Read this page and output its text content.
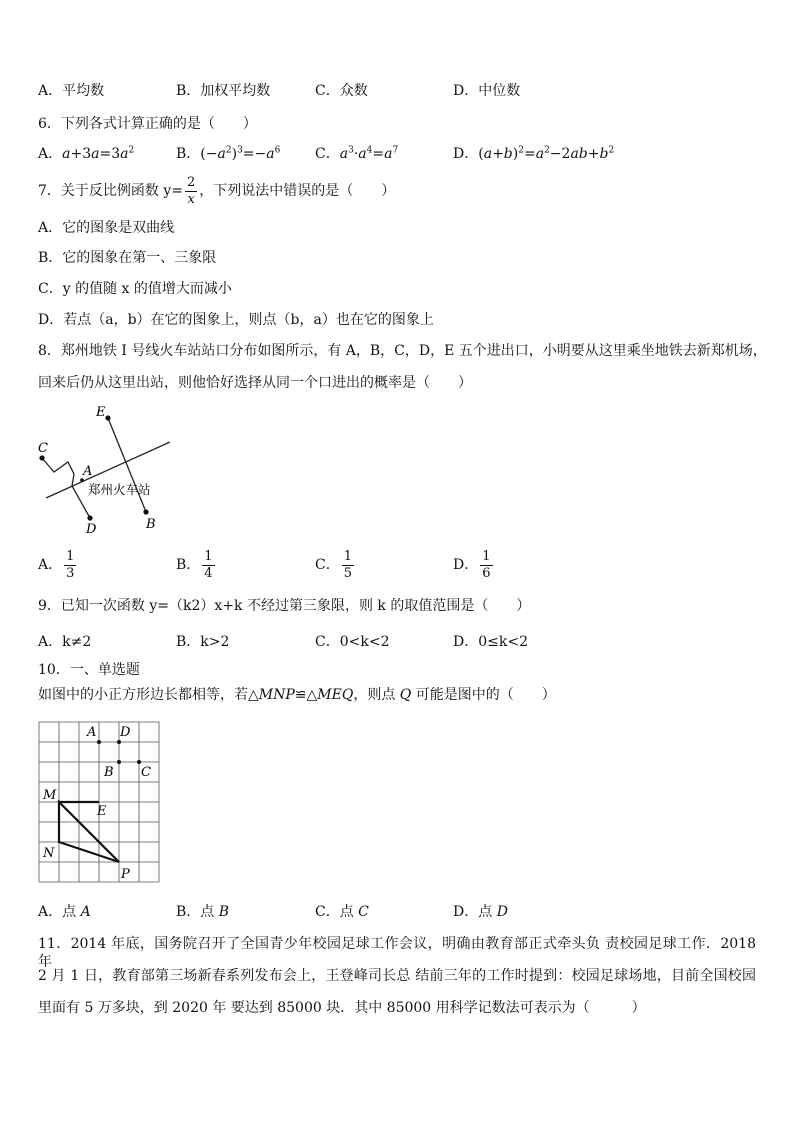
A．平均数	B．加权平均数	C．众数	D．中位数
6．下列各式计算正确的是（　　）
A．$a+3a=3a^2$	B．$(-a^2)^3=-a^6$ C．$a^3\cdot a^4=a^7$	D．$(a+b)^2=a^2-2ab+b^2$
7．关于反比例函数 $y= \frac{2}{x}$ ，下列说法中错误的是（　　）
A．它的图象是双曲线
B．它的图象在第一、三象限
C．y 的值随 x 的值增大而减小
D．若点（a，b）在它的图象上，则点（b，a）也在它的图象上
8．郑州地铁 I 号线火车站站口分布如图所示，有 A，B，C，D，E 五个进出口，小明要从这里乘坐地铁去新郑机场，
回来后仍从这里出站，则他恰好选择从同一个口进出的概率是（　　）
E
C
A
D	B
郑州火车站
A． $\frac{1}{3}$	B． $\frac{1}{4}$	C． $\frac{1}{5}$	D． $\frac{1}{6}$
9．已知一次函数 y=（k2）x+k 不经过第三象限，则 k 的取值范围是（　　）
A．k≠2	B．k>2	C．0<k<2	D．0≤k<2
10．一、单选题
如图中的小正方形边长都相等，若△MNP≌△MEQ，则点 Q 可能是图中的（　　）
A D
B C
M
E
N
P
A．点 A	B．点 B	C．点 C	D．点 D
11．2014 年底，国务院召开了全国青少年校园足球工作会议，明确由教育部正式牵头负 责校园足球工作．2018 年
2 月 1 日，教育部第三场新春系列发布会上，王登峰司长总 结前三年的工作时提到：校园足球场地，目前全国校园
里面有 5 万多块，到 2020 年 要达到 85000 块．其中 85000 用科学记数法可表示为（　　　）
